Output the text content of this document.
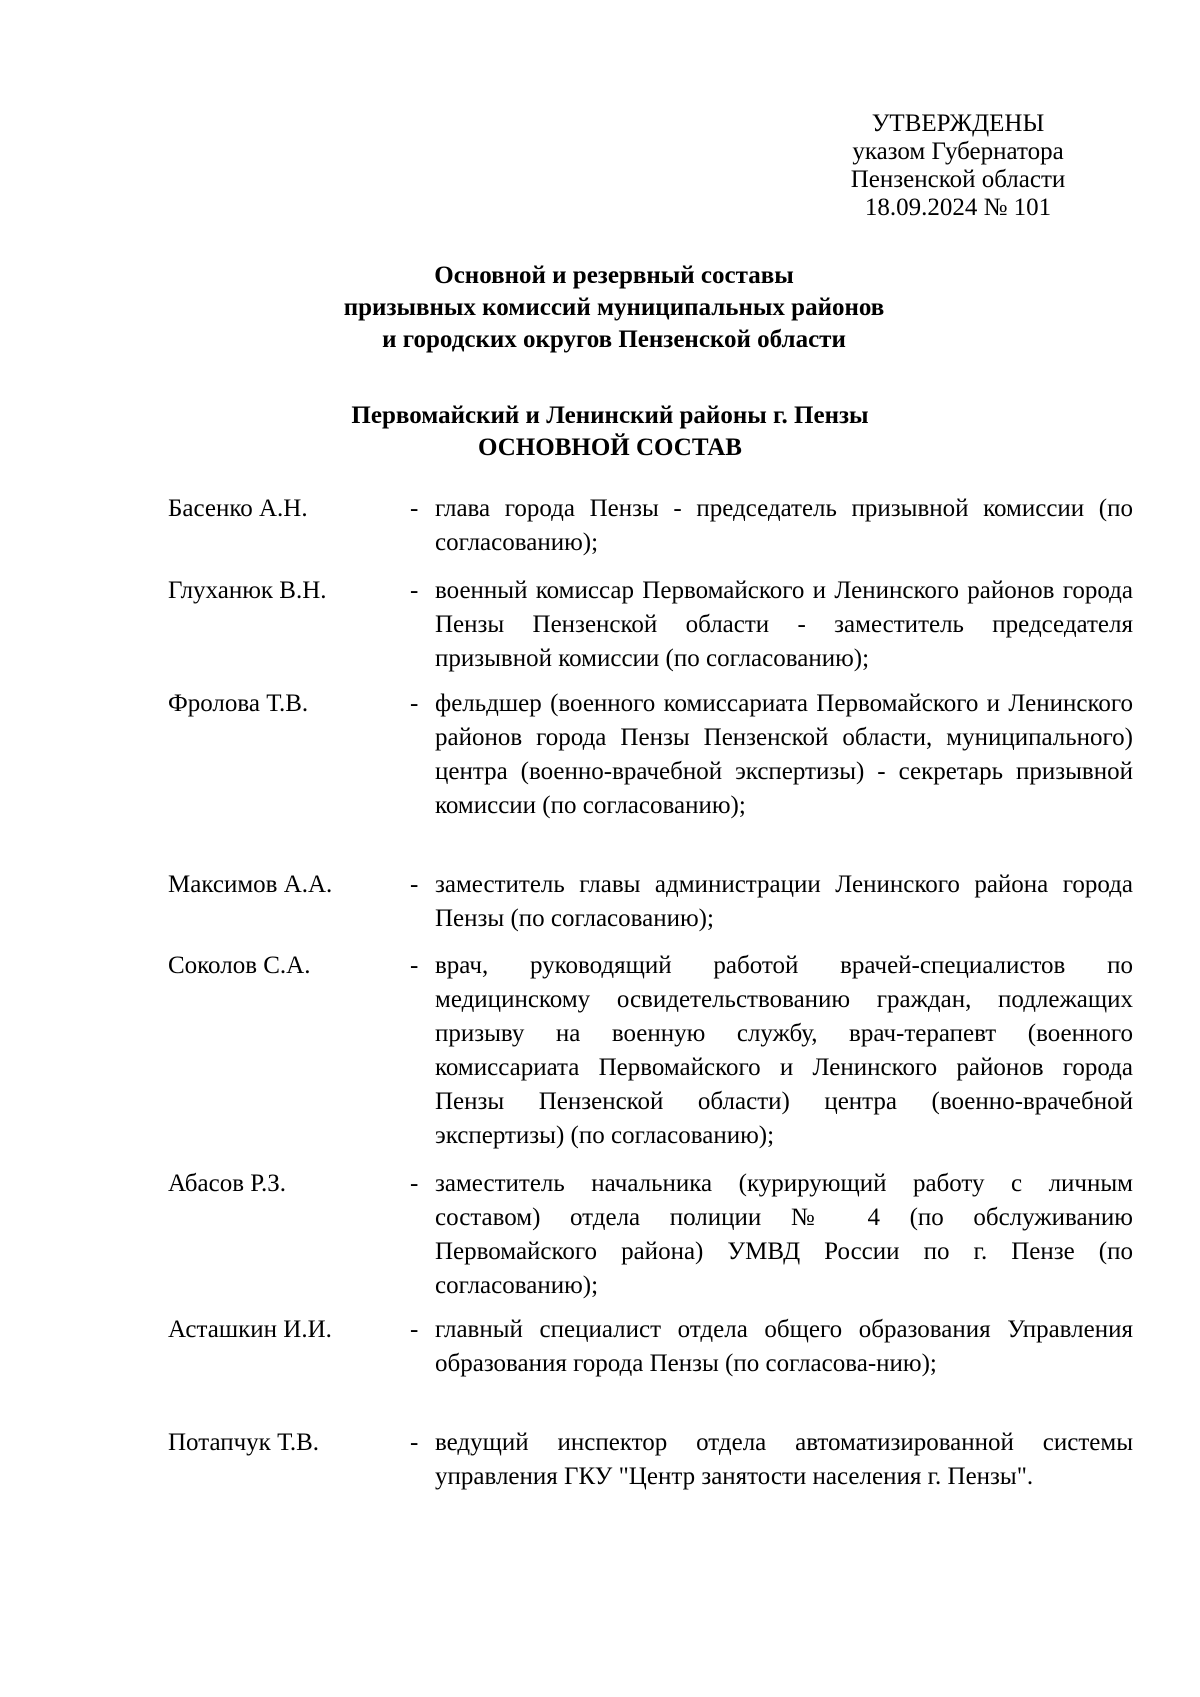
УТВЕРЖДЕНЫ
указом Губернатора
Пензенской области
18.09.2024 № 101
Основной и резервный составы
призывных комиссий муниципальных районов
и городских округов Пензенской области
Первомайский и Ленинский районы г. Пензы
ОСНОВНОЙ СОСТАВ
Басенко А.Н.	- глава города Пензы - председатель призывной комиссии (по согласованию);
Глуханюк В.Н.	- военный комиссар Первомайского и Ленинского районов города Пензы Пензенской области - заместитель председателя призывной комиссии (по согласованию);
Фролова Т.В.	- фельдшер (военного комиссариата Первомайского и Ленинского районов города Пензы Пензенской области, муниципального) центра (военно-врачебной экспертизы) - секретарь призывной комиссии (по согласованию);
Максимов А.А.	- заместитель главы администрации Ленинского района города Пензы (по согласованию);
Соколов С.А.	- врач, руководящий работой врачей-специалистов по медицинскому освидетельствованию граждан, подлежащих призыву на военную службу, врач-терапевт (военного комиссариата Первомайского и Ленинского районов города Пензы Пензенской области) центра (военно-врачебной экспертизы) (по согласованию);
Абасов Р.З.	- заместитель начальника (курирующий работу с личным составом) отдела полиции № 4 (по обслуживанию Первомайского района) УМВД России по г. Пензе (по согласованию);
Асташкин И.И.	- главный специалист отдела общего образования Управления образования города Пензы (по согласова-нию);
Потапчук Т.В.	- ведущий инспектор отдела автоматизированной системы управления ГКУ "Центр занятости населения г. Пензы".
